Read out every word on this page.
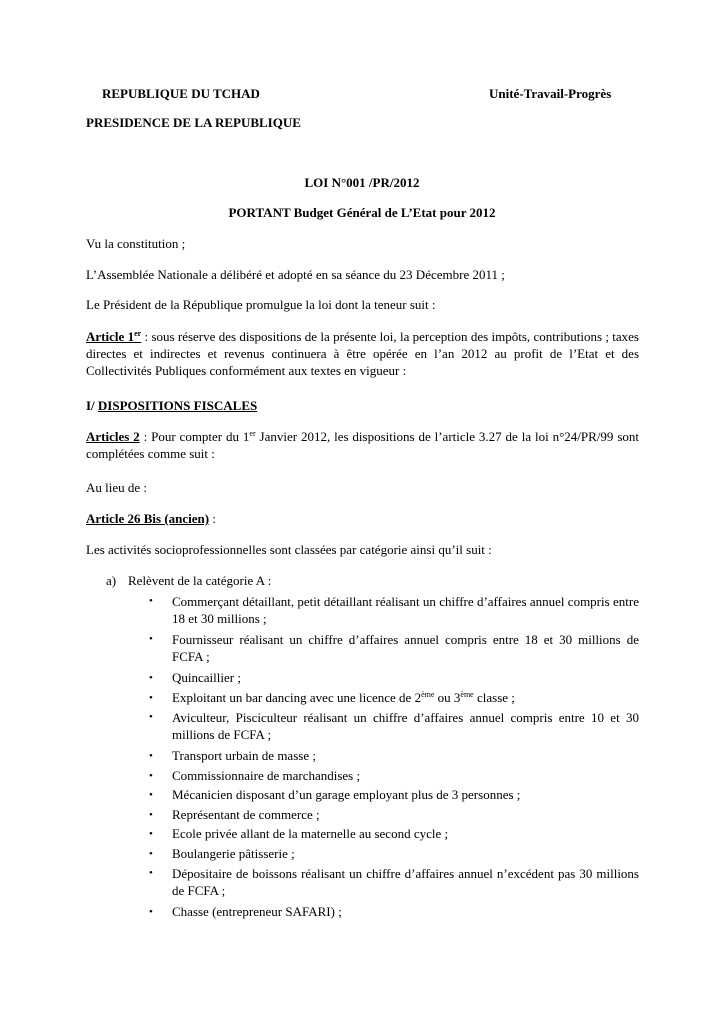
REPUBLIQUE DU TCHAD	Unité-Travail-Progrès
PRESIDENCE DE LA REPUBLIQUE
LOI N°001 /PR/2012
PORTANT Budget Général de L’Etat pour 2012
Vu la constitution ;
L’Assemblée Nationale a délibéré et adopté en sa séance du 23 Décembre 2011 ;
Le Président de la République promulgue la loi dont la teneur suit :
Article 1er : sous réserve des dispositions de la présente loi, la perception des impôts, contributions ; taxes directes et indirectes et revenus continuera à être opérée en l’an 2012 au profit de l’Etat et des Collectivités Publiques conformément aux textes en vigueur :
I/ DISPOSITIONS FISCALES
Articles 2 : Pour compter du 1er Janvier 2012, les dispositions de l’article 3.27 de la loi n°24/PR/99 sont complétées comme suit :
Au lieu de :
Article 26 Bis (ancien) :
Les activités socioprofessionnelles sont classées par catégorie ainsi qu’il suit :
a) Relèvent de la catégorie A :
• Commerçant détaillant, petit détaillant réalisant un chiffre d’affaires annuel compris entre 18 et 30 millions ;
• Fournisseur réalisant un chiffre d’affaires annuel compris entre 18 et 30 millions de FCFA ;
• Quincaillier ;
• Exploitant un bar dancing avec une licence de 2ème ou 3ème classe ;
• Aviculteur, Pisciculteur réalisant un chiffre d’affaires annuel compris entre 10 et 30 millions de FCFA ;
• Transport urbain de masse ;
• Commissionnaire de marchandises ;
• Mécanicien disposant d’un garage employant plus de 3 personnes ;
• Représentant de commerce ;
• Ecole privée allant de la maternelle au second cycle ;
• Boulangerie pâtisserie ;
• Dépositaire de boissons réalisant un chiffre d’affaires annuel n’excédent pas 30 millions de FCFA ;
• Chasse (entrepreneur SAFARI) ;
